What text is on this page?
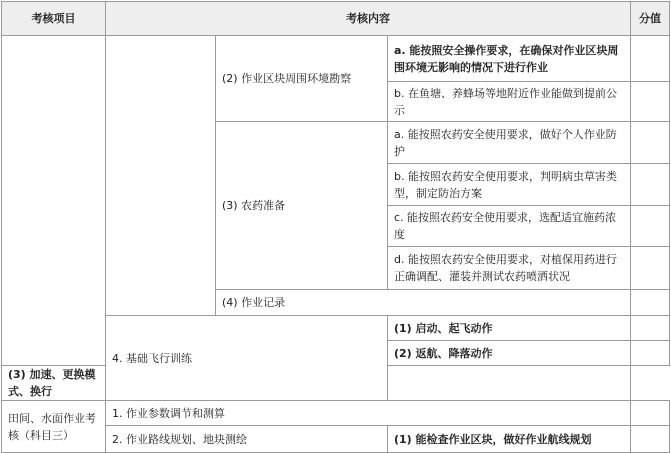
考核项目	考核内容			分值
		(2) 作业区块周围环境勘察	a. 能按照安全操作要求，在确保对作业区块周围环境无影响的情况下进行作业	
			b. 在鱼塘、养蜂场等地附近作业能做到提前公示	
		(3) 农药准备	a. 能按照农药安全使用要求，做好个人作业防护	
			b. 能按照农药安全使用要求，判明病虫草害类型，制定防治方案	
			c. 能按照农药安全使用要求，选配适宜施药浓度	
			d. 能按照农药安全使用要求，对植保用药进行正确调配、灌装并测试农药喷洒状况	
		(4) 作业记录		
	4. 基础飞行训练		(1) 启动、起飞动作	
			(2) 返航、降落动作	
(3) 加速、更换模式、换行				
田间、水面作业考核（科目三）	1. 作业参数调节和测算			
	2. 作业路线规划、地块测绘		(1) 能检查作业区块，做好作业航线规划	
